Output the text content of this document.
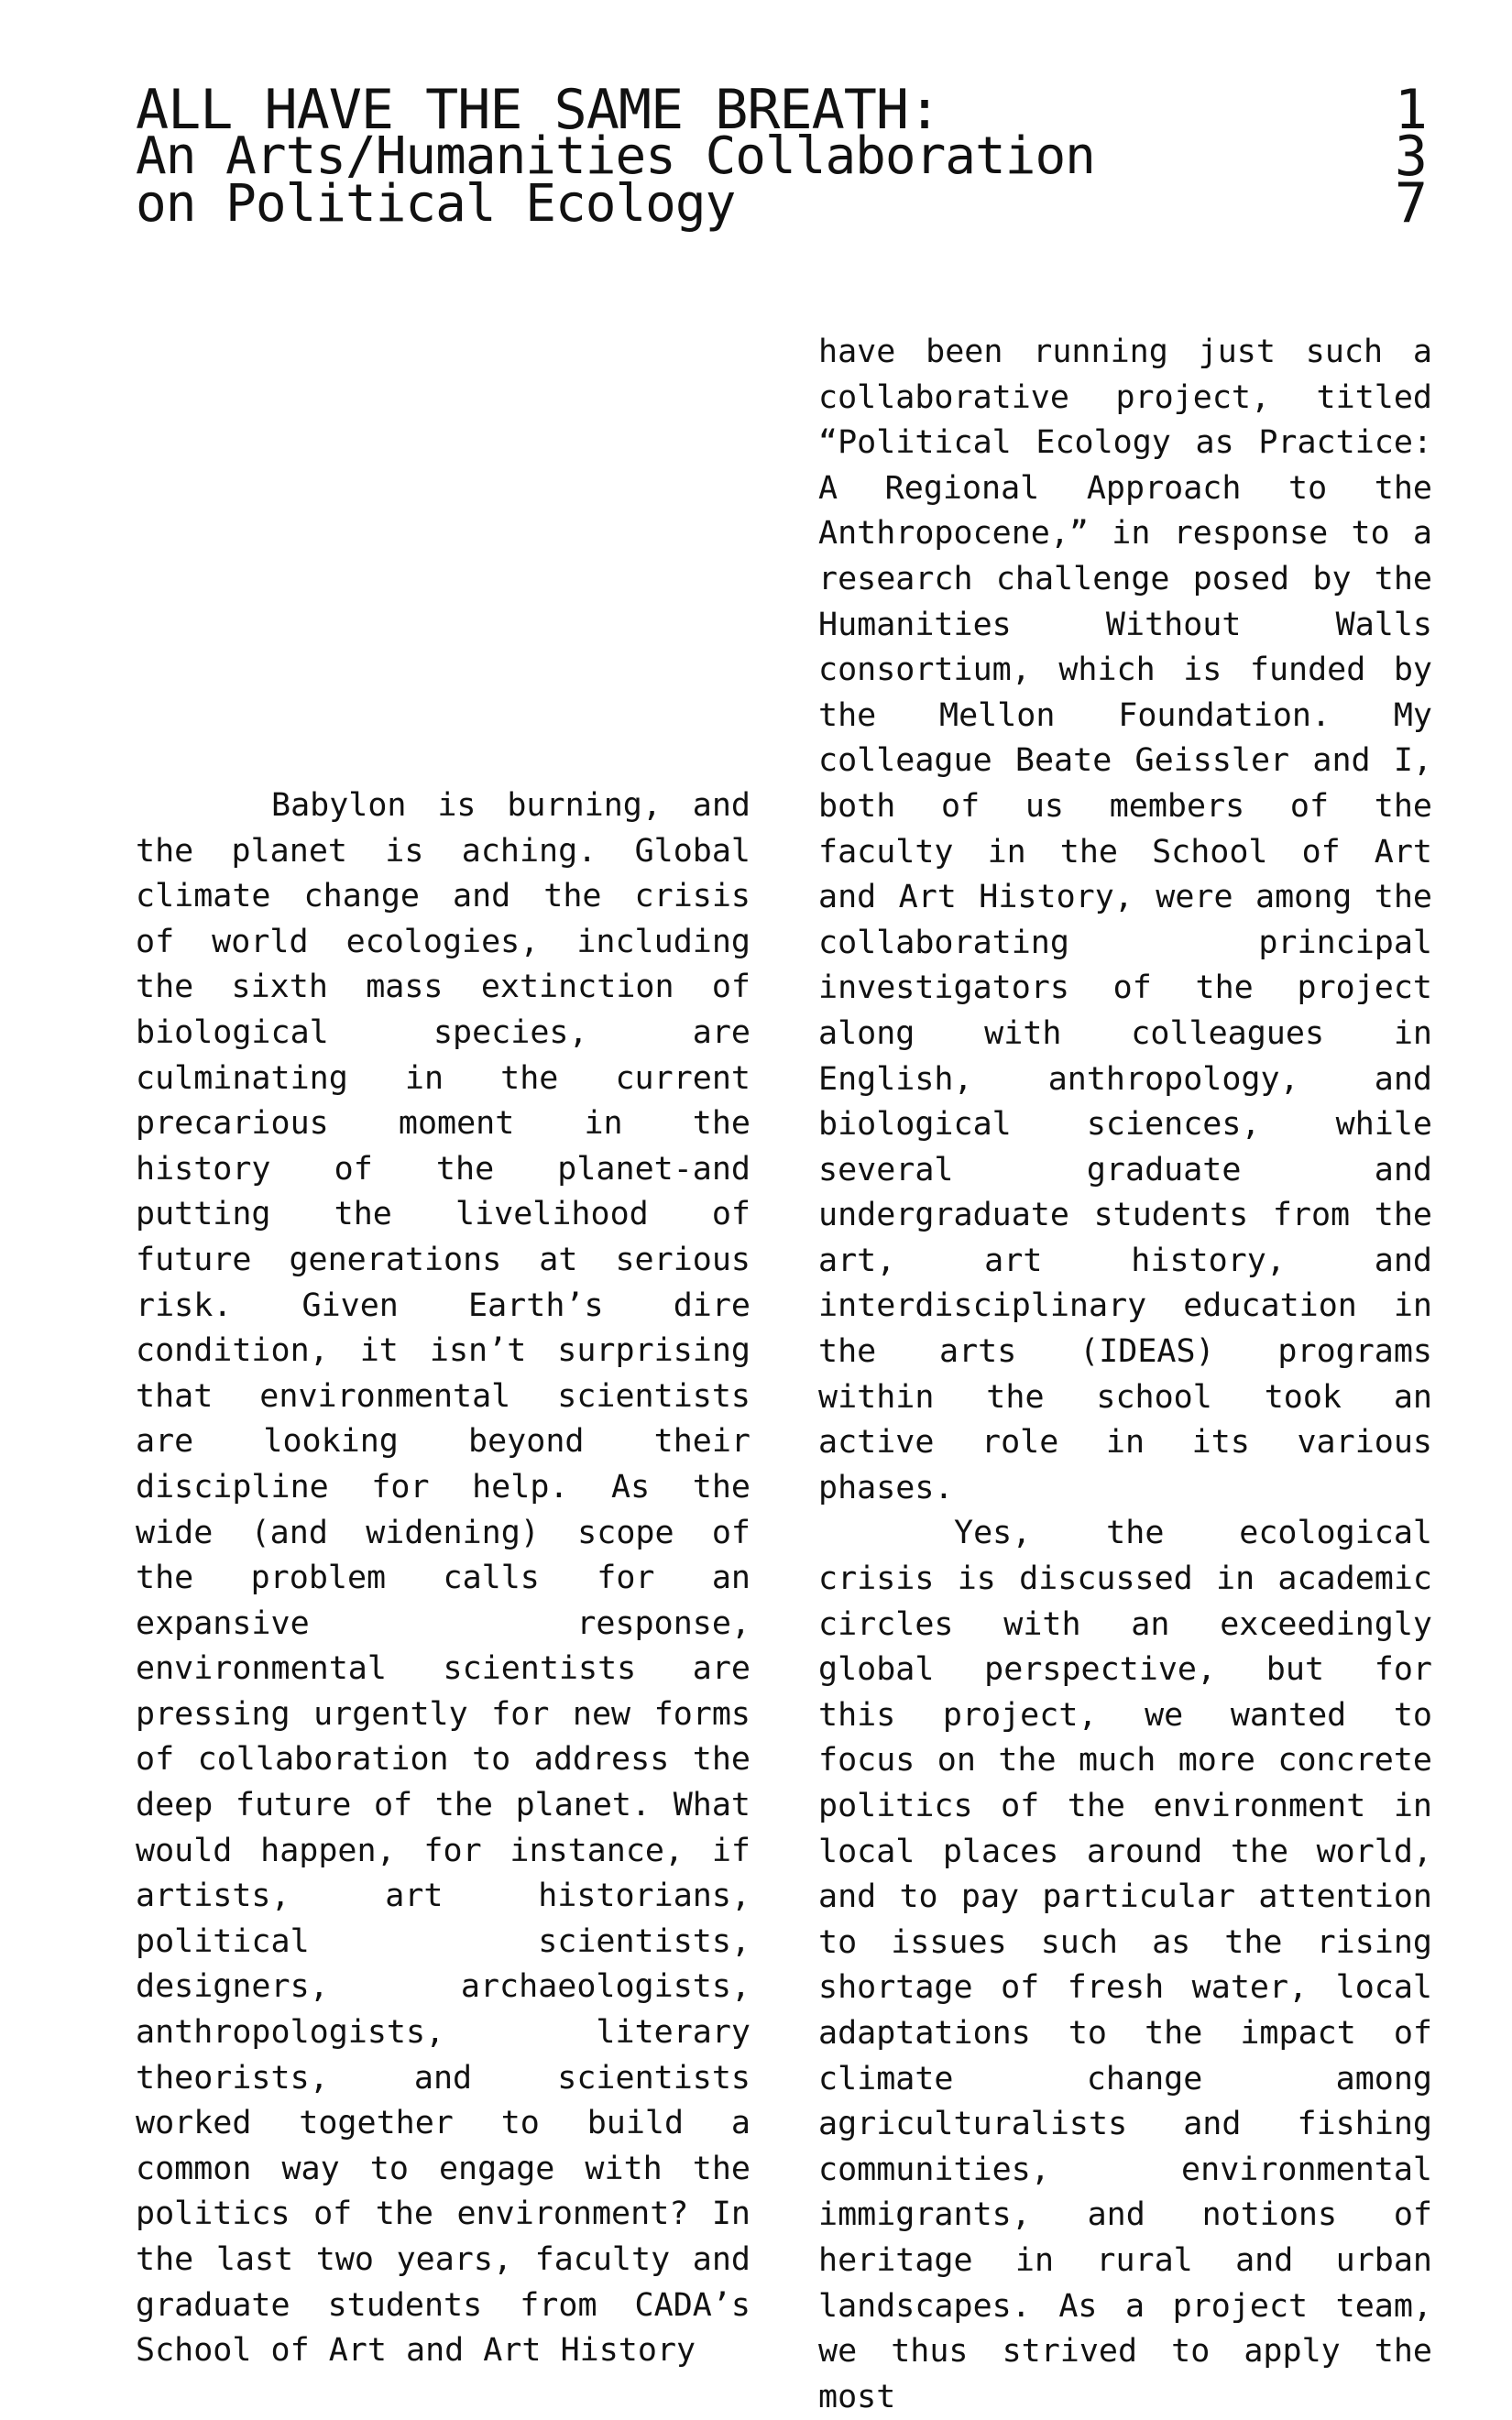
ALL HAVE THE SAME BREATH:

An Arts/Humanities Collaboration

on Political Ecology

1
3
7

Babylon is burning, and the planet is aching. Global climate change and the crisis of world ecologies, including the sixth mass extinction of biological species, are culminating in the current precarious moment in the history of the planet-and putting the livelihood of future generations at serious risk. Given Earth’s dire condition, it isn’t surprising that environmental scientists are looking beyond their discipline for help. As the wide (and widening) scope of the problem calls for an expansive response, environmental scientists are pressing urgently for new forms of collaboration to address the deep future of the planet. What would happen, for instance, if artists, art historians, political scientists, designers, archaeologists, anthropologists, literary theorists, and scientists worked together to build a common way to engage with the politics of the environment? In the last two years, faculty and graduate students from CADA’s School of Art and Art History

have been running just such a collaborative project, titled “Political Ecology as Practice: A Regional Approach to the Anthropocene,” in response to a research challenge posed by the Humanities Without Walls consortium, which is funded by the Mellon Foundation. My colleague Beate Geissler and I, both of us members of the faculty in the School of Art and Art History, were among the collaborating principal investigators of the project along with colleagues in English, anthropology, and biological sciences, while several graduate and undergraduate students from the art, art history, and interdisciplinary education in the arts (IDEAS) programs within the school took an active role in its various phases.

Yes, the ecological crisis is discussed in academic circles with an exceedingly global perspective, but for this project, we wanted to focus on the much more concrete politics of the environment in local places around the world, and to pay particular attention to issues such as the rising shortage of fresh water, local adaptations to the impact of climate change among agriculturalists and fishing communities, environmental immigrants, and notions of heritage in rural and urban landscapes. As a project team, we thus strived to apply the most
